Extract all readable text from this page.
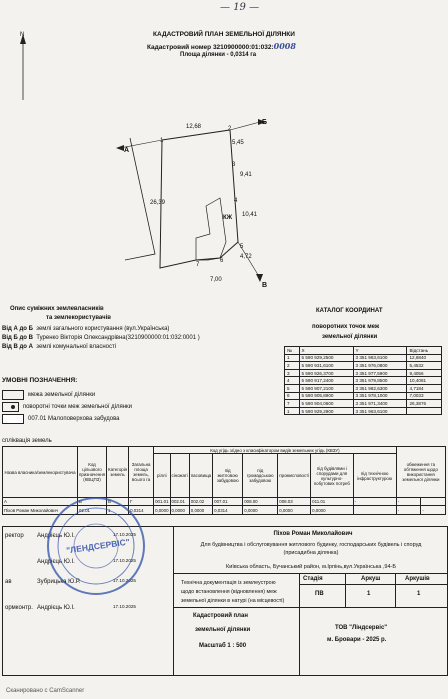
— 19 —
КАДАСТРОВИЙ ПЛАН ЗЕМЕЛЬНОЇ ДІЛЯНКИ
Кадастровий номер 3210900000:01:032:0008
Площа ділянки - 0,0314 га
N
1
2
3
4
5
6
7
А
Б
В
12,68
5,45
9,41
10,41
4,72
7,00
26,39
КЖ
Опис суміжних землевласників
та землекористувачів
Від А до Б землі загального користування (вул.Українська)
Від Б до В Туренко Вікторія Олександрівна(3210900000:01:032:0001 )
Від В до А землі комунальної власності
КАТАЛОГ КООРДИНАТ
поворотних точок меж
земельної ділянки
№	X	Y	Відстань
1	5 590 929,2500	3 351 963,6100	12,6840
2	5 590 931,6100	3 351 976,0800	5,4532
3	5 590 926,3700	3 351 977,5900	9,4056
4	5 590 917,2400	3 351 979,8500	10,4081
5	5 590 907,2100	3 351 982,6300	4,7184
6	5 590 905,8900	3 351 978,1000	7,0033
7	5 590 904,0600	3 351 971,3400	26,3876
1	5 590 929,2900	3 351 963,6100	
УМОВНІ ПОЗНАЧЕННЯ:
межа земельної ділянки
поворотні точки меж земельної ділянки
007.01 Малоповерхова забудова
спліквація земель
Назва власника/землекористувача	Код цільового призначення (КВЦПЗ)	Категорія земель	Загальна площа земель, всього га	Код угідь згідно з класифікатором видів земельних угідь (КВЗУ)								обмеження та обтяження щодо використання земельної ділянки	
				ріллі	сіножаті	пасовища	під житловою забудовою	під громадською забудовою	промисловості	під будівлями і спорудами для культурно-побутових потреб	під технічною інфраструктурою		
А	Б	В	Г	001.01	002.01	002.02	007.01	008.00	008.03	011.01	-	-	
Піхов Роман Миколайович	02.01	1	0,0314	0,0000	0,0000	0,0000	0,0314	0,0000	0,0000	0,0000		-	-
Піхов Роман Миколайович
Для будівництва і обслуговування житлового будинку, господарських будівель і споруд
(присадибна ділянка)
Київська область, Бучанський район, м.Ірпінь,вул.Українська ,94-Б
Технічна документація із землеустрою
щодо встановлення (відновлення) меж
земельної ділянки в натурі (на місцевості)
Стадія	Аркуш	Аркушів
ПВ	1	1
Кадастровий план
земельної ділянки
Масштаб 1 : 500
ТОВ "Ліндсервіс"
м. Бровари - 2025 р.
ректор Андрієць Ю.І.	17.10.2025
Андрієць Ю.І.	17.10.2025
ав	Зубрицька Ю.Р.	17.10.2025
ормконтр. Андрієць Ю.І.	17.10.2025
"ЛЕНДСЕРВІС"
Сканировано с CamScanner
